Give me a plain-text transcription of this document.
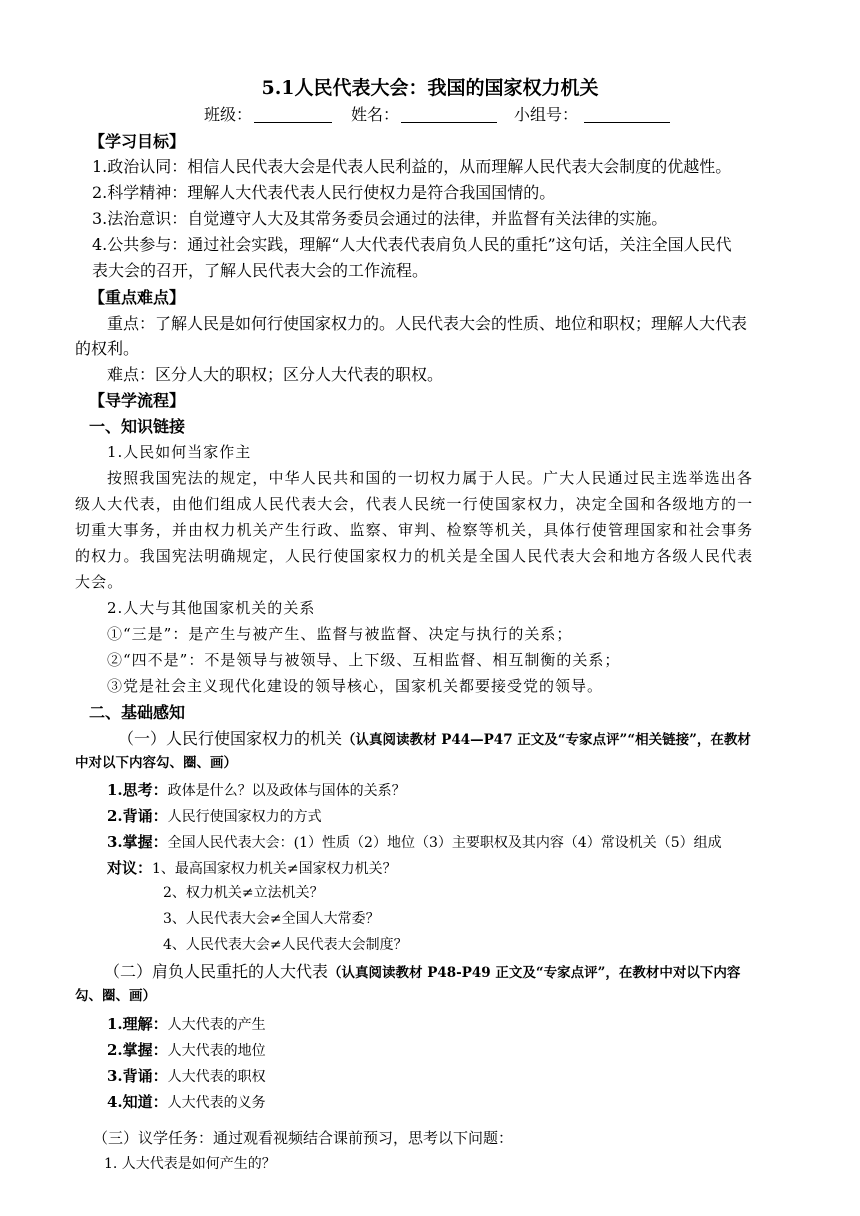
5.1人民代表大会：我国的国家权力机关
班级：	姓名：	小组号：
【学习目标】
1.政治认同：相信人民代表大会是代表人民利益的，从而理解人民代表大会制度的优越性。
2.科学精神：理解人大代表代表人民行使权力是符合我国国情的。
3.法治意识：自觉遵守人大及其常务委员会通过的法律，并监督有关法律的实施。
4.公共参与：通过社会实践，理解“人大代表代表肩负人民的重托”这句话，关注全国人民代
表大会的召开，了解人民代表大会的工作流程。
【重点难点】
重点：了解人民是如何行使国家权力的。人民代表大会的性质、地位和职权；理解人大代表
的权利。
难点：区分人大的职权；区分人大代表的职权。
【导学流程】
一、知识链接
1.人民如何当家作主
按照我国宪法的规定，中华人民共和国的一切权力属于人民。广大人民通过民主选举选出各
级人大代表，由他们组成人民代表大会，代表人民统一行使国家权力，决定全国和各级地方的一
切重大事务，并由权力机关产生行政、监察、审判、检察等机关，具体行使管理国家和社会事务
的权力。我国宪法明确规定，人民行使国家权力的机关是全国人民代表大会和地方各级人民代表
大会。
2.人大与其他国家机关的关系
①“三是”：是产生与被产生、监督与被监督、决定与执行的关系；
②“四不是”：不是领导与被领导、上下级、互相监督、相互制衡的关系；
③党是社会主义现代化建设的领导核心，国家机关都要接受党的领导。
二、基础感知
（一）人民行使国家权力的机关（认真阅读教材 P44—P47 正文及“专家点评”“相关链接”，在教材
中对以下内容勾、圈、画）
1.思考：政体是什么？以及政体与国体的关系？
2.背诵：人民行使国家权力的方式
3.掌握：全国人民代表大会：(1）性质（2）地位（3）主要职权及其内容（4）常设机关（5）组成
对议：1、最高国家权力机关≠国家权力机关？
2、权力机关≠立法机关？
3、人民代表大会≠全国人大常委？
4、人民代表大会≠人民代表大会制度？
（二）肩负人民重托的人大代表（认真阅读教材 P48-P49 正文及“专家点评”，在教材中对以下内容
勾、圈、画）
1.理解：人大代表的产生
2.掌握：人大代表的地位
3.背诵：人大代表的职权
4.知道：人大代表的义务
（三）议学任务：通过观看视频结合课前预习，思考以下问题：
1. 人大代表是如何产生的？
